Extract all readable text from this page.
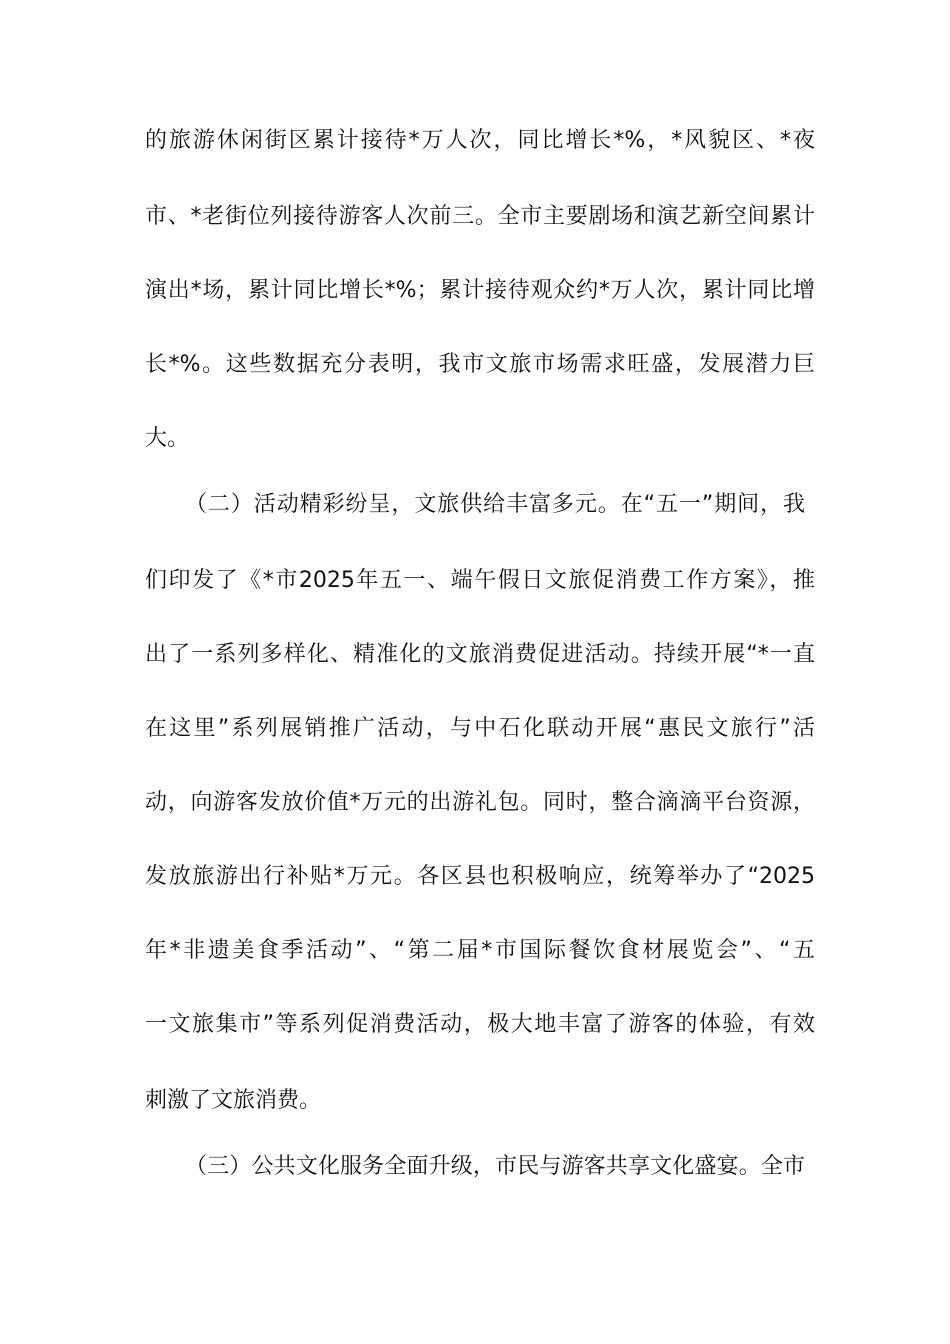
的旅游休闲街区累计接待*万人次，同比增长*%，*风貌区、*夜
市、*老街位列接待游客人次前三。全市主要剧场和演艺新空间累计
演出*场，累计同比增长*%；累计接待观众约*万人次，累计同比增
长*%。这些数据充分表明，我市文旅市场需求旺盛，发展潜力巨
大。
（二）活动精彩纷呈，文旅供给丰富多元。在“五一”期间，我
们印发了《*市2025年五一、端午假日文旅促消费工作方案》，推
出了一系列多样化、精准化的文旅消费促进活动。持续开展“*一直
在这里”系列展销推广活动，与中石化联动开展“惠民文旅行”活
动，向游客发放价值*万元的出游礼包。同时，整合滴滴平台资源，
发放旅游出行补贴*万元。各区县也积极响应，统筹举办了“2025
年*非遗美食季活动”、“第二届*市国际餐饮食材展览会”、“五
一文旅集市”等系列促消费活动，极大地丰富了游客的体验，有效
刺激了文旅消费。
（三）公共文化服务全面升级，市民与游客共享文化盛宴。全市
